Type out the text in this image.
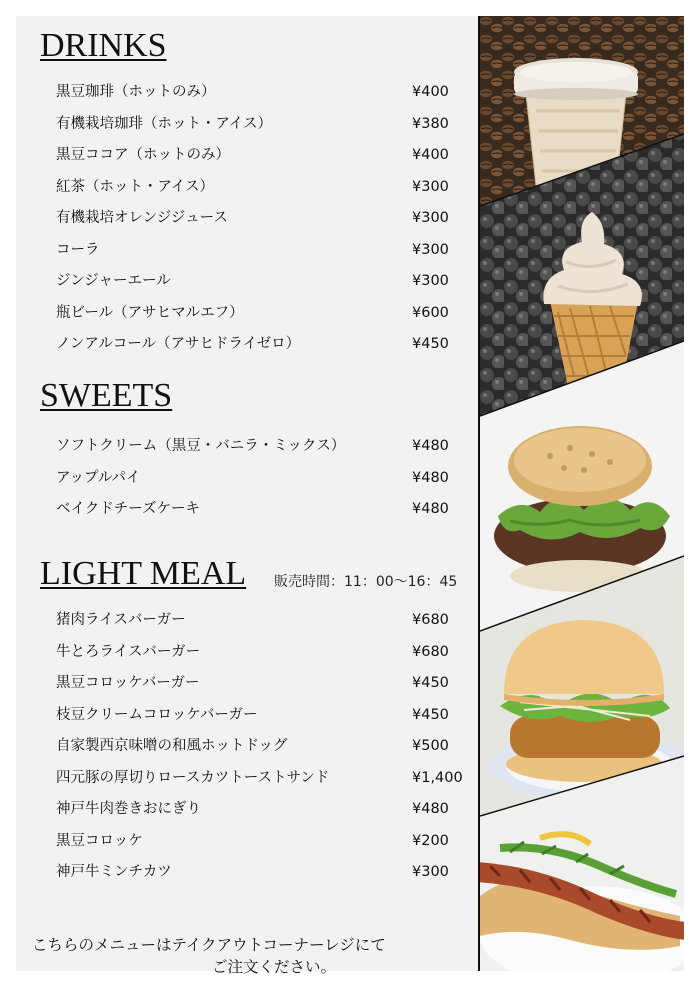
DRINKS
黒豆珈琲（ホットのみ）	¥400
有機栽培珈琲（ホット・アイス）	¥380
黒豆ココア（ホットのみ）	¥400
紅茶（ホット・アイス）	¥300
有機栽培オレンジジュース	¥300
コーラ	¥300
ジンジャーエール	¥300
瓶ビール（アサヒマルエフ）	¥600
ノンアルコール（アサヒドライゼロ）	¥450
SWEETS
ソフトクリーム（黒豆・バニラ・ミックス）	¥480
アップルパイ	¥480
ベイクドチーズケーキ	¥480
LIGHT MEAL 販売時間：11：00〜16：45
猪肉ライスバーガー	¥680
牛とろライスバーガー	¥680
黒豆コロッケバーガー	¥450
枝豆クリームコロッケバーガー	¥450
自家製西京味噌の和風ホットドッグ	¥500
四元豚の厚切りロースカツトーストサンド	¥1,400
神戸牛肉巻きおにぎり	¥480
黒豆コロッケ	¥200
神戸牛ミンチカツ	¥300

こちらのメニューはテイクアウトコーナーレジにて
ご注文ください。
